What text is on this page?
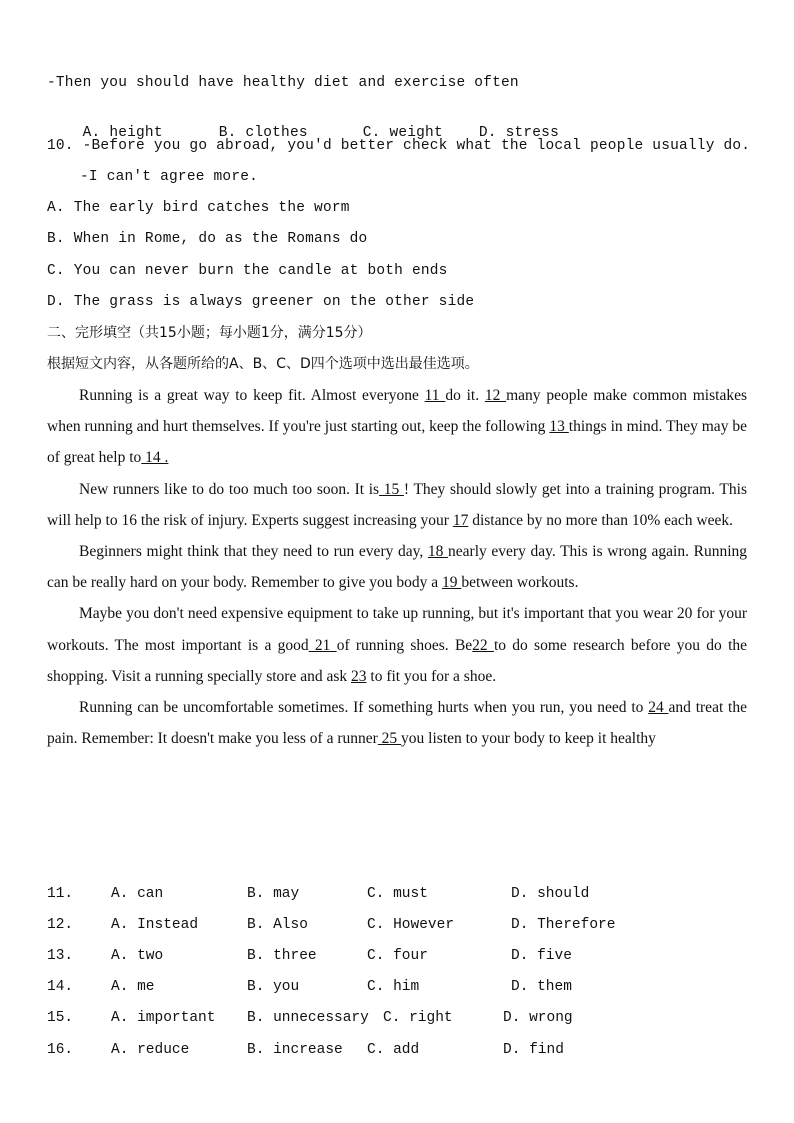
-Then you should have healthy diet and exercise often

A. height	B. clothes	C. weight D. stress

10. -Before you go abroad, you'd better check what the local people usually do.
-I can't agree more.
A. The early bird catches the worm
B. When in Rome, do as the Romans do
C. You can never burn the candle at both ends
D. The grass is always greener on the other side
二、完形填空（共15小题；每小题1分，满分15分）
根据短文内容，从各题所给的A、B、C、D四个选项中选出最佳选项。

Running is a great way to keep fit. Almost everyone 11 do it. 12 many people make common mistakes when running and hurt themselves. If you're just starting out, keep the following 13 things in mind. They may be of great help to 14 .

New runners like to do too much too soon. It is 15 ! They should slowly get into a training program. This will help to 16 the risk of injury. Experts suggest increasing your 17 distance by no more than 10% each week.

Beginners might think that they need to run every day, 18 nearly every day. This is wrong again. Running can be really hard on your body. Remember to give you body a 19 between workouts.

Maybe you don't need expensive equipment to take up running, but it's important that you wear 20 for your workouts. The most important is a good 21 of running shoes. Be22 to do some research before you do the shopping. Visit a running specially store and ask 23 to fit you for a shoe.

Running can be uncomfortable sometimes. If something hurts when you run, you need to 24 and treat the pain. Remember: It doesn't make you less of a runner 25 you listen to your body to keep it healthy

11.	A. can	B. may	C. must	D. should
12.	A. Instead	B. Also	C. However	D. Therefore
13.	A. two	B. three	C. four	D. five
14.	A. me	B. you	C. him	D. them
15.	A. important B. unnecessary C. right	D. wrong
16.	A. reduce	B. increase C. add	D. find
